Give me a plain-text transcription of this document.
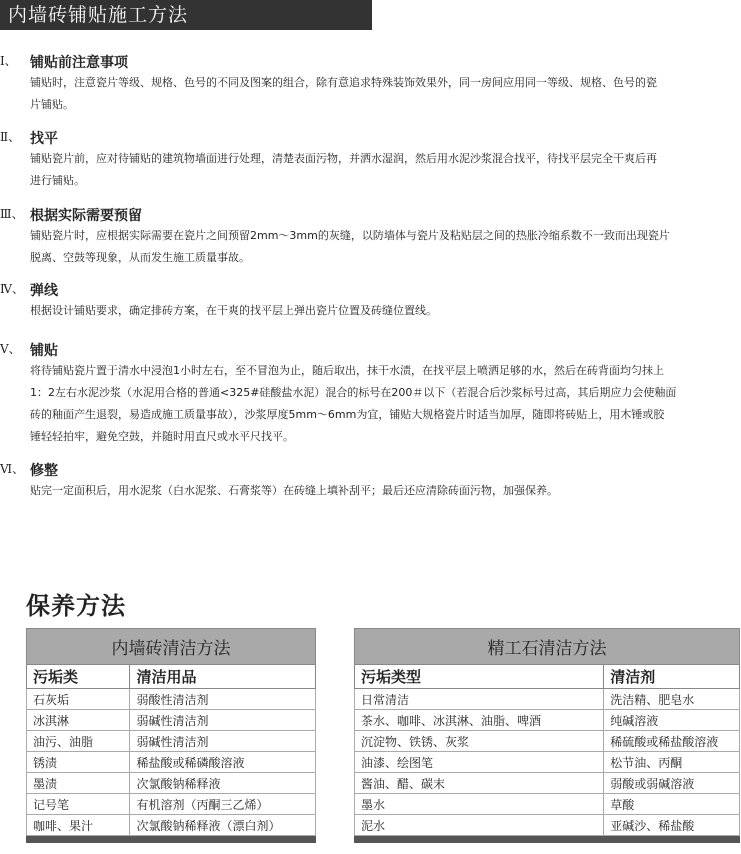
内墙砖铺贴施工方法
Ⅰ、 铺贴前注意事项
铺贴时，注意瓷片等级、规格、色号的不同及图案的组合，除有意追求特殊装饰效果外，同一房间应用同一等级、规格、色号的瓷
片铺贴。
Ⅱ、 找平
铺贴瓷片前，应对待铺贴的建筑物墙面进行处理，清楚表面污物，并洒水湿润，然后用水泥沙浆混合找平，待找平层完全干爽后再
进行铺贴。
Ⅲ、 根据实际需要预留
铺贴瓷片时，应根据实际需要在瓷片之间预留2mm～3mm的灰缝，以防墙体与瓷片及粘贴层之间的热胀冷缩系数不一致而出现瓷片
脱离、空鼓等现象，从而发生施工质量事故。
Ⅳ、 弹线
根据设计铺贴要求，确定排砖方案，在干爽的找平层上弹出瓷片位置及砖缝位置线。
Ⅴ、 铺贴
将待铺贴瓷片置于清水中浸泡1小时左右，至不冒泡为止，随后取出，抹干水渍，在找平层上喷洒足够的水，然后在砖背面均匀抹上
1：2左右水泥沙浆（水泥用合格的普通<325#硅酸盐水泥）混合的标号在200＃以下（若混合后沙浆标号过高，其后期应力会使釉面
砖的釉面产生退裂，易造成施工质量事故），沙浆厚度5mm～6mm为宜，铺贴大规格瓷片时适当加厚，随即将砖贴上，用木锤或胶
锤轻轻拍牢，避免空鼓，并随时用直尺或水平尺找平。
Ⅵ、 修整
贴完一定面积后，用水泥浆（白水泥浆、石膏浆等）在砖缝上填补刮平；最后还应清除砖面污物，加强保养。
保养方法
内墙砖清洁方法	
污垢类	清洁用品
石灰垢	弱酸性清洁剂
冰淇淋	弱碱性清洁剂
油污、油脂	弱碱性清洁剂
锈渍	稀盐酸或稀磷酸溶液
墨渍	次氯酸钠稀释液
记号笔	有机溶剂（丙酮三乙烯）
咖啡、果汁	次氯酸钠稀释液（漂白剂）

精工石清洁方法	
污垢类型	清洁剂
日常清洁	洗洁精、肥皂水
茶水、咖啡、冰淇淋、油脂、啤酒	纯碱溶液
沉淀物、铁锈、灰浆	稀硫酸或稀盐酸溶液
油漆、绘图笔	松节油、丙酮
酱油、醋、碳末	弱酸或弱碱溶液
墨水	草酸
泥水	亚碱沙、稀盐酸
